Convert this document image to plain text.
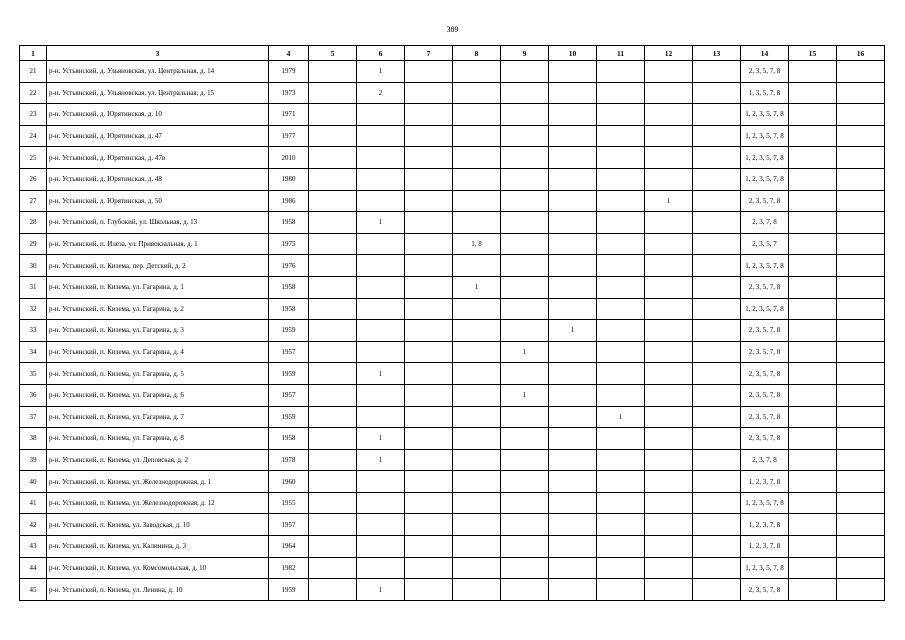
389
1	3	4	5	6	7	8	9	10	11	12	13	14	15	16
21	р-н. Устьянский, д. Ульяновская, ул. Центральная, д. 14	1979		1								2, 3, 5, 7, 8		
22	р-н. Устьянский, д. Ульяновская, ул. Центральная, д. 15	1973		2								1, 3, 5, 7, 8		
23	р-н. Устьянский, д. Юрятинская, д. 10	1971										1, 2, 3, 5, 7, 8		
24	р-н. Устьянский, д. Юрятинская, д. 47	1977										1, 2, 3, 5, 7, 8		
25	р-н. Устьянский, д. Юрятинская, д. 47в	2010										1, 2, 3, 5, 7, 8		
26	р-н. Устьянский, д. Юрятинская, д. 48	1980										1, 2, 3, 5, 7, 8		
27	р-н. Устьянский, д. Юрятинская, д. 50	1986								1		2, 3, 5, 7, 8		
28	р-н. Устьянский, п. Глубокий, ул. Школьная, д. 13	1958		1								2, 3, 7, 8		
29	р-н. Устьянский, п. Илеза, ул. Привокзальная, д. 1	1975				1, 8						2, 3, 5, 7		
30	р-н. Устьянский, п. Кизема, пер. Детский, д. 2	1976										1, 2, 3, 5, 7, 8		
31	р-н. Устьянский, п. Кизема, ул. Гагарина, д. 1	1958				1						2, 3, 5, 7, 8		
32	р-н. Устьянский, п. Кизема, ул. Гагарина, д. 2	1958										1, 2, 3, 5, 7, 8		
33	р-н. Устьянский, п. Кизема, ул. Гагарина, д. 3	1959						1				2, 3, 5, 7, 8		
34	р-н. Устьянский, п. Кизема, ул. Гагарина, д. 4	1957					1					2, 3, 5, 7, 8		
35	р-н. Устьянский, п. Кизема, ул. Гагарина, д. 5	1959		1								2, 3, 5, 7, 8		
36	р-н. Устьянский, п. Кизема, ул. Гагарина, д. 6	1957					1					2, 3, 5, 7, 8		
37	р-н. Устьянский, п. Кизема, ул. Гагарина, д. 7	1959							1			2, 3, 5, 7, 8		
38	р-н. Устьянский, п. Кизема, ул. Гагарина, д. 8	1958		1								2, 3, 5, 7, 8		
39	р-н. Устьянский, п. Кизема, ул. Деповская, д. 2	1978		1								2, 3, 7, 8		
40	р-н. Устьянский, п. Кизема, ул. Железнодорожная, д. 1	1960										1, 2, 3, 7, 8		
41	р-н. Устьянский, п. Кизема, ул. Железнодорожная, д. 12	1955										1, 2, 3, 5, 7, 8		
42	р-н. Устьянский, п. Кизема, ул. Заводская, д. 10	1957										1, 2, 3, 7, 8		
43	р-н. Устьянский, п. Кизема, ул. Калинина, д. 3	1964										1, 2, 3, 7, 8		
44	р-н. Устьянский, п. Кизема, ул. Комсомольская, д. 10	1982										1, 2, 3, 5, 7, 8		
45	р-н. Устьянский, п. Кизема, ул. Ленина, д. 10	1959		1								2, 3, 5, 7, 8		
